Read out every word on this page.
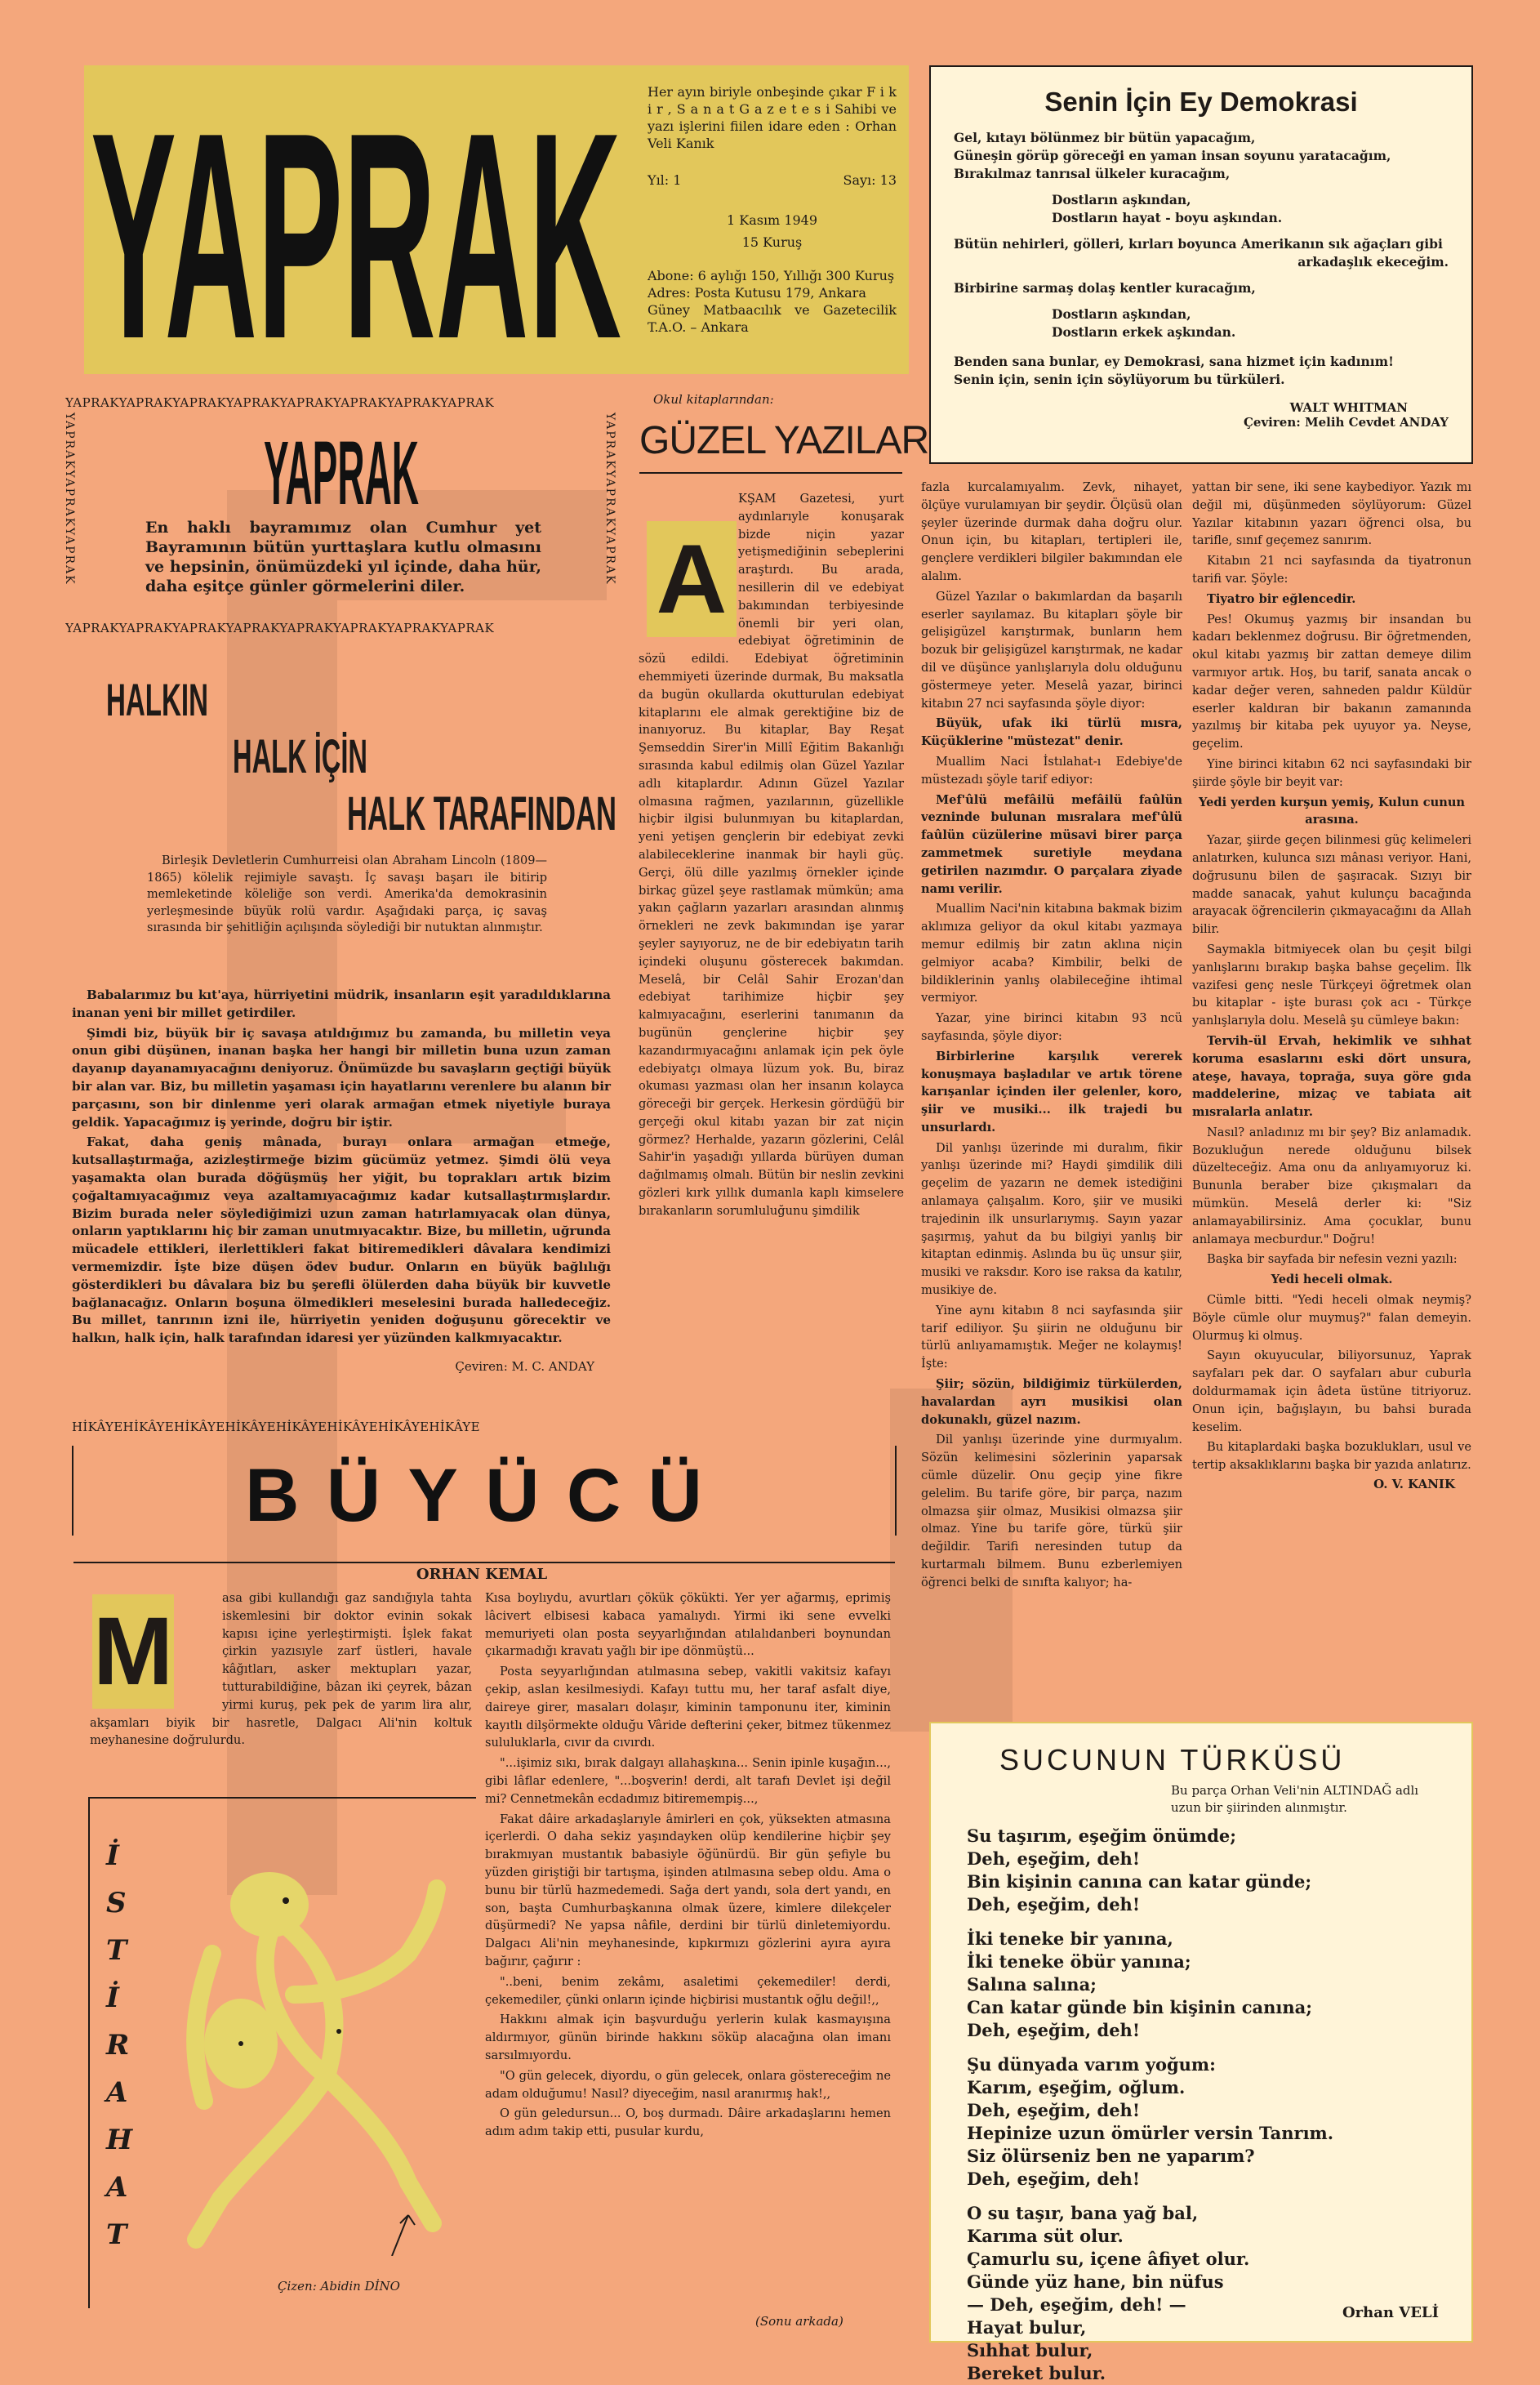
YAPRAK Her ayın biriyle onbeşinde çıkar F i k i r , S a n a t G a z e t e s i Sahibi ve yazı işlerini fiilen idare eden : Orhan Veli Kanık
Yıl: 1	Sayı: 13
1 Kasım 1949
15 Kuruş
Abone: 6 aylığı 150, Yıllığı 300 Kuruş
Adres: Posta Kutusu 179, Ankara
Güney Matbaacılık ve Gazetecilik T.A.O. – Ankara
Senin İçin Ey Demokrasi
Gel, kıtayı bölünmez bir bütün yapacağım,
Güneşin görüp göreceği en yaman insan soyunu yaratacağım,
Bırakılmaz tanrısal ülkeler kuracağım,
Dostların aşkından,
Dostların hayat - boyu aşkından.
Bütün nehirleri, gölleri, kırları boyunca Amerikanın sık ağaçları gibi
arkadaşlık ekeceğim.
Birbirine sarmaş dolaş kentler kuracağım,
Dostların aşkından,
Dostların erkek aşkından.
Benden sana bunlar, ey Demokrasi, sana hizmet için kadınım!
Senin için, senin için söylüyorum bu türküleri.
WALT WHITMAN
Çeviren: Melih Cevdet ANDAY
YAPRAKYAPRAKYAPRAKYAPRAKYAPRAKYAPRAKYAPRAKYAPRAK
YAPRAKYAPRAKYAPRAKYAPRAKYAPRAKYAPRAKYAPRAKYAPRAK
YAPRAKYAPRAKYAPRAK	YAPRAKYAPRAKYAPRAK
YAPRAK
En haklı bayramımız olan Cumhur yet Bayramının bütün yurttaşlara kutlu olmasını ve hepsinin, önümüzdeki yıl içinde, daha hür, daha eşitçe günler görmelerini diler.
HALKIN
HALK İÇİN
HALK TARAFINDAN

Birleşik Devletlerin Cumhurreisi olan Abraham Lincoln (1809—1865) kölelik rejimiyle savaştı. İç savaşı başarı ile bitirip memleketinde köleliğe son verdi. Amerika'da demokrasinin yerleşmesinde büyük rolü vardır. Aşağıdaki parça, iç savaş sırasında bir şehitliğin açılışında söylediği bir nutuktan alınmıştır.

Babalarımız bu kıt'aya, hürriyetini müdrik, insanların eşit yaradıldıklarına inanan yeni bir millet getirdiler.

Şimdi biz, büyük bir iç savaşa atıldığımız bu zamanda, bu milletin veya onun gibi düşünen, inanan başka her hangi bir milletin buna uzun zaman dayanıp dayanamıyacağını deniyoruz. Önümüzde bu savaşların geçtiği büyük bir alan var. Biz, bu milletin yaşaması için hayatlarını verenlere bu alanın bir parçasını, son bir dinlenme yeri olarak armağan etmek niyetiyle buraya geldik. Yapacağımız iş yerinde, doğru bir iştir.

Fakat, daha geniş mânada, burayı onlara armağan etmeğe, kutsallaştırmağa, azizleştirmeğe bizim gücümüz yetmez. Şimdi ölü veya yaşamakta olan burada döğüşmüş her yiğit, bu toprakları artık bizim çoğaltamıyacağımız veya azaltamıyacağımız kadar kutsallaştırmışlardır. Bizim burada neler söylediğimizi uzun zaman hatırlamıyacak olan dünya, onların yaptıklarını hiç bir zaman unutmıyacaktır. Bize, bu milletin, uğrunda mücadele ettikleri, ilerlettikleri fakat bitiremedikleri dâvalara kendimizi vermemizdir. İşte bize düşen ödev budur. Onların en büyük bağlılığı gösterdikleri bu dâvalara biz bu şerefli ölülerden daha büyük bir kuvvetle bağlanacağız. Onların boşuna ölmedikleri meselesini burada halledeceğiz. Bu millet, tanrının izni ile, hürriyetin yeniden doğuşunu görecektir ve halkın, halk için, halk tarafından idaresi yer yüzünden kalkmıyacaktır.

Çeviren: M. C. ANDAY
Okul kitaplarından:
GÜZEL YAZILAR
A

KŞAM Gazetesi, yurt aydınlarıyle konuşarak bizde niçin yazar yetişmediğinin sebeplerini araştırdı. Bu arada, nesillerin dil ve edebiyat bakımından terbiyesinde önemli bir yeri olan, edebiyat öğretiminin de sözü edildi. Edebiyat öğretiminin ehemmiyeti üzerinde durmak, Bu maksatla da bugün okullarda okutturulan edebiyat kitaplarını ele almak gerektiğine biz de inanıyoruz. Bu kitaplar, Bay Reşat Şemseddin Sirer'in Millî Eğitim Bakanlığı sırasında kabul edilmiş olan Güzel Yazılar adlı kitaplardır. Adının Güzel Yazılar olmasına rağmen, yazılarının, güzellikle hiçbir ilgisi bulunmıyan bu kitaplardan, yeni yetişen gençlerin bir edebiyat zevki alabileceklerine inanmak bir hayli güç. Gerçi, ölü dille yazılmış örnekler içinde birkaç güzel şeye rastlamak mümkün; ama yakın çağların yazarları arasından alınmış örnekleri ne zevk bakımından işe yarar şeyler sayıyoruz, ne de bir edebiyatın tarih içindeki oluşunu gösterecek bakımdan. Meselâ, bir Celâl Sahir Erozan'dan edebiyat tarihimize hiçbir şey kalmıyacağını, eserlerini tanımanın da bugünün gençlerine hiçbir şey kazandırmıyacağını anlamak için pek öyle edebiyatçı olmaya lüzum yok. Bu, biraz okuması yazması olan her insanın kolayca göreceği bir gerçek. Herkesin gördüğü bir gerçeği okul kitabı yazan bir zat niçin görmez? Herhalde, yazarın gözlerini, Celâl Sahir'in yaşadığı yıllarda bürüyen duman dağılmamış olmalı. Bütün bir neslin zevkini gözleri kırk yıllık dumanla kaplı kimselere bırakanların sorumluluğunu şimdilik

fazla kurcalamıyalım. Zevk, nihayet, ölçüye vurulamıyan bir şeydir. Ölçüsü olan şeyler üzerinde durmak daha doğru olur. Onun için, bu kitapları, tertipleri ile, gençlere verdikleri bilgiler bakımından ele alalım.

Güzel Yazılar o bakımlardan da başarılı eserler sayılamaz. Bu kitapları şöyle bir gelişigüzel karıştırmak, bunların hem bozuk bir gelişigüzel karıştırmak, ne kadar dil ve düşünce yanlışlarıyla dolu olduğunu göstermeye yeter. Meselâ yazar, birinci kitabın 27 nci sayfasında şöyle diyor:

Büyük, ufak iki türlü mısra, Küçüklerine "müstezat" denir.

Muallim Naci İstılahat-ı Edebiye'de müstezadı şöyle tarif ediyor:

Mef'ûlü mefâilü mefâilü faûlün vezninde bulunan mısralara mef'ûlü faûlün cüzülerine müsavi birer parça zammetmek suretiyle meydana getirilen nazımdır. O parçalara ziyade namı verilir.

Muallim Naci'nin kitabına bakmak bizim aklımıza geliyor da okul kitabı yazmaya memur edilmiş bir zatın aklına niçin gelmiyor acaba? Kimbilir, belki de bildiklerinin yanlış olabileceğine ihtimal vermiyor.

Yazar, yine birinci kitabın 93 ncü sayfasında, şöyle diyor:

Birbirlerine karşılık vererek konuşmaya başladılar ve artık törene karışanlar içinden iler gelenler, koro, şiir ve musiki... ilk trajedi bu unsurlardı.

Dil yanlışı üzerinde mi duralım, fikir yanlışı üzerinde mi? Haydi şimdilik dili geçelim de yazarın ne demek istediğini anlamaya çalışalım. Koro, şiir ve musiki trajedinin ilk unsurlarıymış. Sayın yazar şaşırmış, yahut da bu bilgiyi yanlış bir kitaptan edinmiş. Aslında bu üç unsur şiir, musiki ve raksdır. Koro ise raksa da katılır, musikiye de.

Yine aynı kitabın 8 nci sayfasında şiir tarif ediliyor. Şu şiirin ne olduğunu bir türlü anlıyamamıştık. Meğer ne kolaymış! İşte:

Şiir; sözün, bildiğimiz türkülerden, havalardan ayrı musikisi olan dokunaklı, güzel nazım.

Dil yanlışı üzerinde yine durmıyalım. Sözün kelimesini sözlerinin yaparsak cümle düzelir. Onu geçip yine fikre gelelim. Bu tarife göre, bir parça, nazım olmazsa şiir olmaz, Musikisi olmazsa şiir olmaz. Yine bu tarife göre, türkü şiir değildir. Tarifi neresinden tutup da kurtarmalı bilmem. Bunu ezberlemiyen öğrenci belki de sınıfta kalıyor; ha-

yattan bir sene, iki sene kaybediyor. Yazık mı değil mi, düşünmeden söylüyorum: Güzel Yazılar kitabının yazarı öğrenci olsa, bu tarifle, sınıf geçemez sanırım.

Kitabın 21 nci sayfasında da tiyatronun tarifi var. Şöyle:

Tiyatro bir eğlencedir.

Pes! Okumuş yazmış bir insandan bu kadarı beklenmez doğrusu. Bir öğretmenden, okul kitabı yazmış bir zattan demeye dilim varmıyor artık. Hoş, bu tarif, sanata ancak o kadar değer veren, sahneden paldır Küldür eserler kaldıran bir bakanın zamanında yazılmış bir kitaba pek uyuyor ya. Neyse, geçelim.

Yine birinci kitabın 62 nci sayfasındaki bir şiirde şöyle bir beyit var:

Yedi yerden kurşun yemiş, Kulun cunun arasına.

Yazar, şiirde geçen bilinmesi güç kelimeleri anlatırken, kulunca sızı mânası veriyor. Hani, doğrusunu bilen de şaşıracak. Sızıyı bir madde sanacak, yahut kulunçu bacağında arayacak öğrencilerin çıkmayacağını da Allah bilir.

Saymakla bitmiyecek olan bu çeşit bilgi yanlışlarını bırakıp başka bahse geçelim. İlk vazifesi genç nesle Türkçeyi öğretmek olan bu kitaplar - işte burası çok acı - Türkçe yanlışlarıyla dolu. Meselâ şu cümleye bakın:

Tervih-ül Ervah, hekimlik ve sıhhat koruma esaslarını eski dört unsura, ateşe, havaya, toprağa, suya göre gıda maddelerine, mizaç ve tabiata ait mısralarla anlatır.

Nasıl? anladınız mı bir şey? Biz anlamadık. Bozukluğun nerede olduğunu bilsek düzelteceğiz. Ama onu da anlıyamıyoruz ki. Bununla beraber bize çıkışmaları da mümkün. Meselâ derler ki: "Siz anlamayabilirsiniz. Ama çocuklar, bunu anlamaya mecburdur." Doğru!

Başka bir sayfada bir nefesin vezni yazılı:

Yedi heceli olmak.

Cümle bitti. "Yedi heceli olmak neymiş? Böyle cümle olur muymuş?" falan demeyin. Olurmuş ki olmuş.

Sayın okuyucular, biliyorsunuz, Yaprak sayfaları pek dar. O sayfaları abur cuburla doldurmamak için âdeta üstüne titriyoruz. Onun için, bağışlayın, bu bahsi burada keselim.

Bu kitaplardaki başka bozuklukları, usul ve tertip aksaklıklarını başka bir yazıda anlatırız.

O. V. KANIK
HİKÂYEHİKÂYEHİKÂYEHİKÂYEHİKÂYEHİKÂYEHİKÂYEHİKÂYE
BÜYÜCÜ
ORHAN KEMAL
M	asa gibi kullandığı gaz sandığıyla tahta iskemlesini bir doktor evinin sokak kapısı içine yerleştirmişti. İşlek fakat çirkin yazısıyle zarf üstleri, havale kâğıtları, asker mektupları yazar, tutturabildiğine, bâzan iki çeyrek, bâzan yirmi kuruş, pek pek de yarım lira alır, akşamları biyik bir hasretle, Dalgacı Ali'nin koltuk meyhanesine doğrulurdu.

İ
S
T
İ
R
A
H
A
T
Çizen: Abidin DİNO

Kısa boylıydu, avurtları çökük çökükti. Yer yer ağarmış, eprimiş lâcivert elbisesi kabaca yamalıydı. Yirmi iki sene evvelki memuriyeti olan posta seyyarlığından atılalıdanberi boynundan çıkarmadığı kravatı yağlı bir ipe dönmüştü...

Posta seyyarlığından atılmasına sebep, vakitli vakitsiz kafayı çekip, aslan kesilmesiydi. Kafayı tuttu mu, her taraf asfalt diye, daireye girer, masaları dolaşır, kiminin tamponunu iter, kiminin kayıtlı dilşörmekte olduğu Vâride defterini çeker, bitmez tükenmez sululuklarla, cıvır da cıvırdı.

"...işimiz sıkı, bırak dalgayı allahaşkına... Senin ipinle kuşağın..., gibi lâflar edenlere, "...boşverin! derdi, alt tarafı Devlet işi değil mi? Cennetmekân ecdadımız bitiremempiş...,

Fakat dâire arkadaşlarıyle âmirleri en çok, yüksekten atmasına içerlerdi. O daha sekiz yaşındayken olüp kendilerine hiçbir şey bırakmıyan mustantık babasiyle öğünürdü. Bir gün şefiyle bu yüzden giriştiği bir tartışma, işinden atılmasına sebep oldu. Ama o bunu bir türlü hazmedemedi. Sağa dert yandı, sola dert yandı, en son, başta Cumhurbaşkanına olmak üzere, kimlere dilekçeler düşürmedi? Ne yapsa nâfile, derdini bir türlü dinletemiyordu. Dalgacı Ali'nin meyhanesinde, kıpkırmızı gözlerini ayıra ayıra bağırır, çağırır :

"..beni, benim zekâmı, asaletimi çekemediler! derdi, çekemediler, çünki onların içinde hiçbirisi mustantık oğlu değil!,,

Hakkını almak için başvurduğu yerlerin kulak kasmayışına aldırmıyor, günün birinde hakkını söküp alacağına olan imanı sarsılmıyordu.

"O gün gelecek, diyordu, o gün gelecek, onlara göstereceğim ne adam olduğumu! Nasıl? diyeceğim, nasıl aranırmış hak!,,

O gün geledursun... O, boş durmadı. Dâire arkadaşlarını hemen adım adım takip etti, pusular kurdu,

(Sonu arkada)
SUCUNUN TÜRKÜSÜ
Bu parça Orhan Veli'nin ALTINDAĞ adlı uzun bir şiirinden alınmıştır.

Su taşırım, eşeğim önümde;
Deh, eşeğim, deh!
Bin kişinin canına can katar günde;
Deh, eşeğim, deh!

İki teneke bir yanına,
İki teneke öbür yanına;
Salına salına;
Can katar günde bin kişinin canına;
Deh, eşeğim, deh!

Şu dünyada varım yoğum:
Karım, eşeğim, oğlum.
Deh, eşeğim, deh!
Hepinize uzun ömürler versin Tanrım.
Siz ölürseniz ben ne yaparım?
Deh, eşeğim, deh!

O su taşır, bana yağ bal,
Karıma süt olur.
Çamurlu su, içene âfiyet olur.
Günde yüz hane, bin nüfus
— Deh, eşeğim, deh! —
Hayat bulur,
Sıhhat bulur,
Bereket bulur.

Orhan VELİ
